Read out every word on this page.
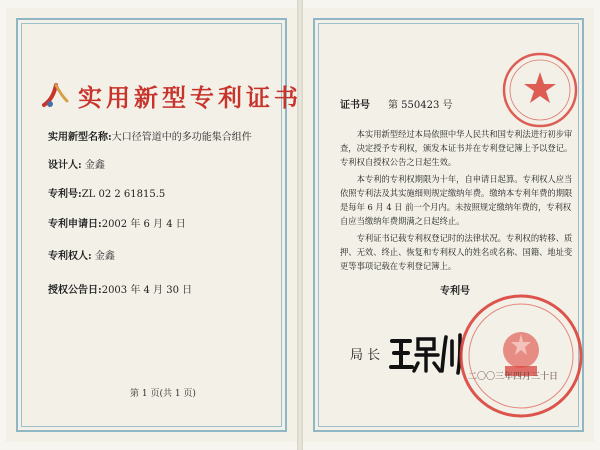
实用新型专利证书
实用新型名称:大口径管道中的多功能集合组件
设计人: 金鑫
专利号:ZL 02 2 61815.5
专利申请日:2002 年 6 月 4 日
专利权人: 金鑫
授权公告日:2003 年 4 月 30 日
第 1 页(共 1 页)
证书号 第 550423 号
本实用新型经过本局依照中华人民共和国专利法进行初步审查，决定授予专利权，颁发本证书并在专利登记簿上予以登记。专利权自授权公告之日起生效。
本专利的专利权期限为十年，自申请日起算。专利权人应当依照专利法及其实施细则规定缴纳年费。缴纳本专利年费的期限是每年 6 月 4 日 前一个月内。未按照规定缴纳年费的，专利权自应当缴纳年费期满之日起终止。
专利证书记载专利权登记时的法律状况。专利权的转移、质押、无效、终止、恢复和专利权人的姓名或名称、国籍、地址变更等事项记载在专利登记簿上。
专利号
局 长
二〇〇三年四月三十日
